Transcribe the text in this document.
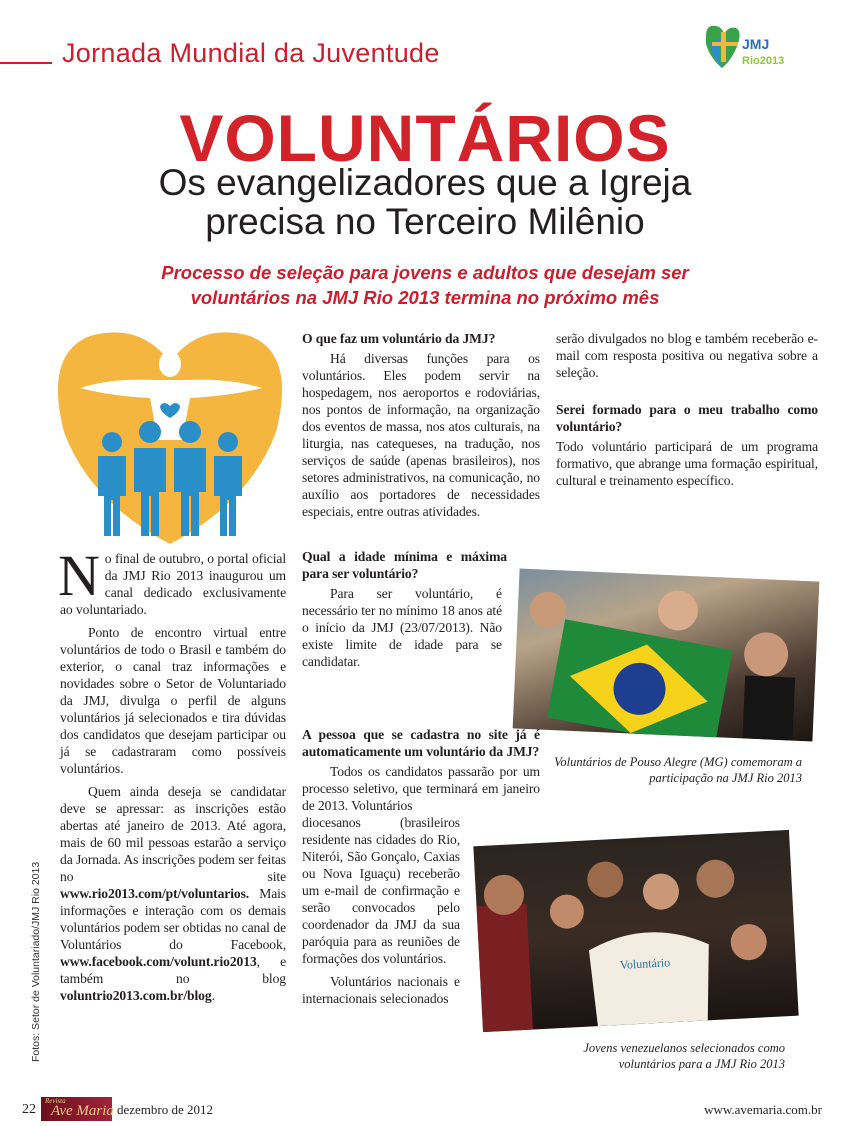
Jornada Mundial da Juventude	JMJ
Rio2013
VOLUNTÁRIOS
Os evangelizadores que a Igreja
precisa no Terceiro Milênio
Processo de seleção para jovens e adultos que desejam ser
voluntários na JMJ Rio 2013 termina no próximo mês

No final de outubro, o portal oficial da JMJ Rio 2013 inaugurou um canal dedicado exclusivamente ao voluntariado.

Ponto de encontro virtual entre voluntários de todo o Brasil e também do exterior, o canal traz informações e novidades sobre o Setor de Voluntariado da JMJ, divulga o perfil de alguns voluntários já selecionados e tira dúvidas dos candidatos que desejam participar ou já se cadastraram como possíveis voluntários.

Quem ainda deseja se candidatar deve se apressar: as inscrições estão abertas até janeiro de 2013. Até agora, mais de 60 mil pessoas estarão a serviço da Jornada. As inscrições podem ser feitas no site www.rio2013.com/pt/voluntarios. Mais informações e interação com os demais voluntários podem ser obtidas no canal de Voluntários do Facebook, www.facebook.com/volunt.rio2013, e também no blog voluntrio2013.com.br/blog.

Fotos: Setor de Voluntariado/JMJ Rio 2013
O que faz um voluntário da JMJ?

Há diversas funções para os voluntários. Eles podem servir na hospedagem, nos aeroportos e rodoviárias, nos pontos de informação, na organização dos eventos de massa, nos atos culturais, na liturgia, nas catequeses, na tradução, nos serviços de saúde (apenas brasileiros), nos setores administrativos, na comunicação, no auxílio aos portadores de necessidades especiais, entre outras atividades.

Qual a idade mínima e máxima para ser voluntário?

Para ser voluntário, é necessário ter no mínimo 18 anos até o início da JMJ (23/07/2013). Não existe limite de idade para se candidatar.

A pessoa que se cadastra no site já é automaticamente um voluntário da JMJ?

Todos os candidatos passarão por um processo seletivo, que terminará em janeiro de 2013. Voluntários

diocesanos (brasileiros residente nas cidades do Rio, Niterói, São Gonçalo, Caxias ou Nova Iguaçu) receberão um e-mail de confirmação e serão convocados pelo coordenador da JMJ da sua paróquia para as reuniões de formações dos voluntários.

Voluntários nacionais e internacionais selecionados

serão divulgados no blog e também receberão e-mail com resposta positiva ou negativa sobre a seleção.

Serei formado para o meu trabalho como voluntário?

Todo voluntário participará de um programa formativo, que abrange uma formação espiritual, cultural e treinamento específico.

Voluntários de Pouso Alegre (MG) comemoram a participação na JMJ Rio 2013
Voluntário
Jovens venezuelanos selecionados como voluntários para a JMJ Rio 2013
22
Revista
Ave Maria dezembro de 2012	www.avemaria.com.br
